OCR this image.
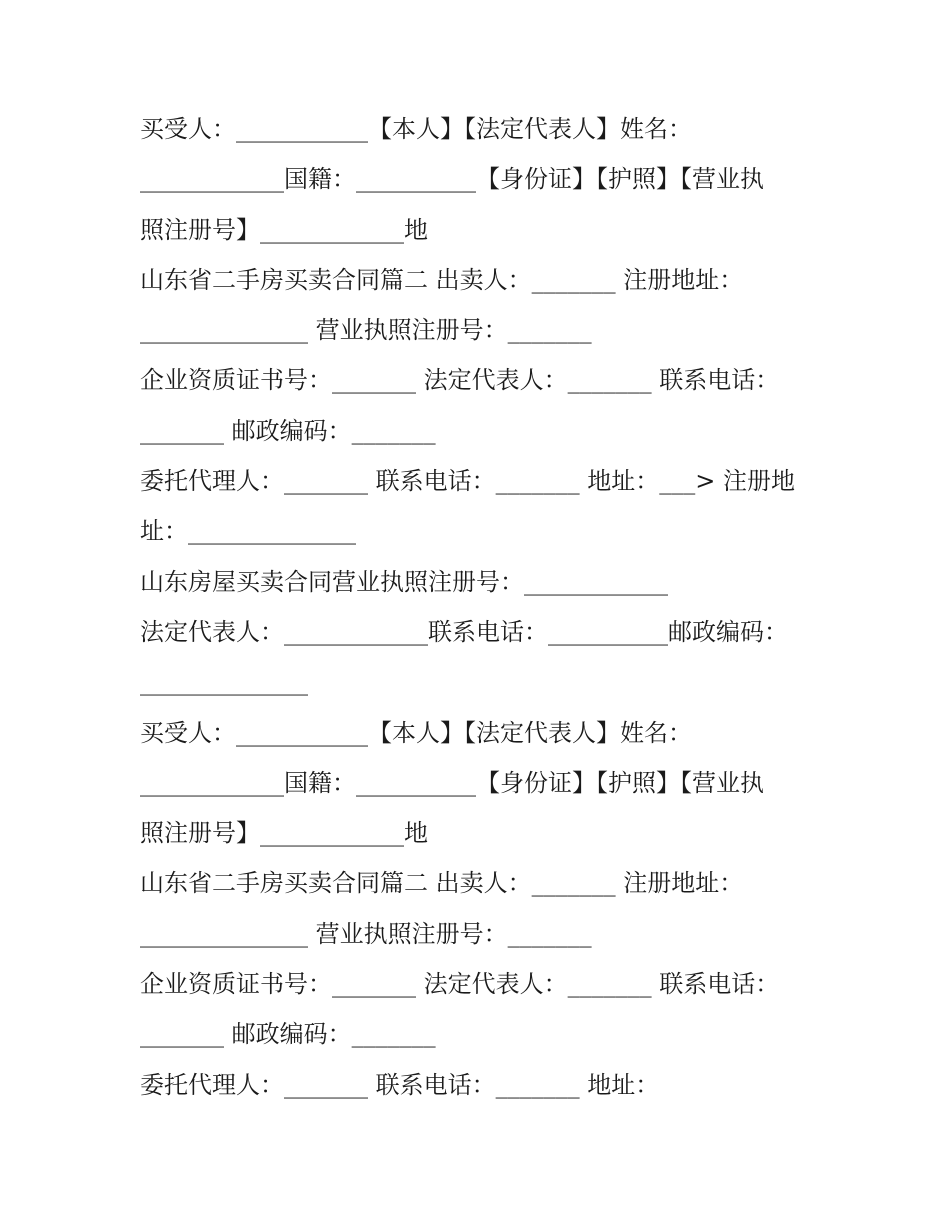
买受人：___________【本人】【法定代表人】姓名：
____________国籍：__________【身份证】【护照】【营业执
照注册号】____________地
山东省二手房买卖合同篇二 出卖人：_______ 注册地址：
______________ 营业执照注册号：_______
企业资质证书号：_______ 法定代表人：_______ 联系电话：
_______ 邮政编码：_______
委托代理人：_______ 联系电话：_______ 地址：___> 注册地
址：______________
山东房屋买卖合同营业执照注册号：____________
法定代表人：____________联系电话：__________邮政编码：
______________
买受人：___________【本人】【法定代表人】姓名：
____________国籍：__________【身份证】【护照】【营业执
照注册号】____________地
山东省二手房买卖合同篇二 出卖人：_______ 注册地址：
______________ 营业执照注册号：_______
企业资质证书号：_______ 法定代表人：_______ 联系电话：
_______ 邮政编码：_______
委托代理人：_______ 联系电话：_______ 地址：
